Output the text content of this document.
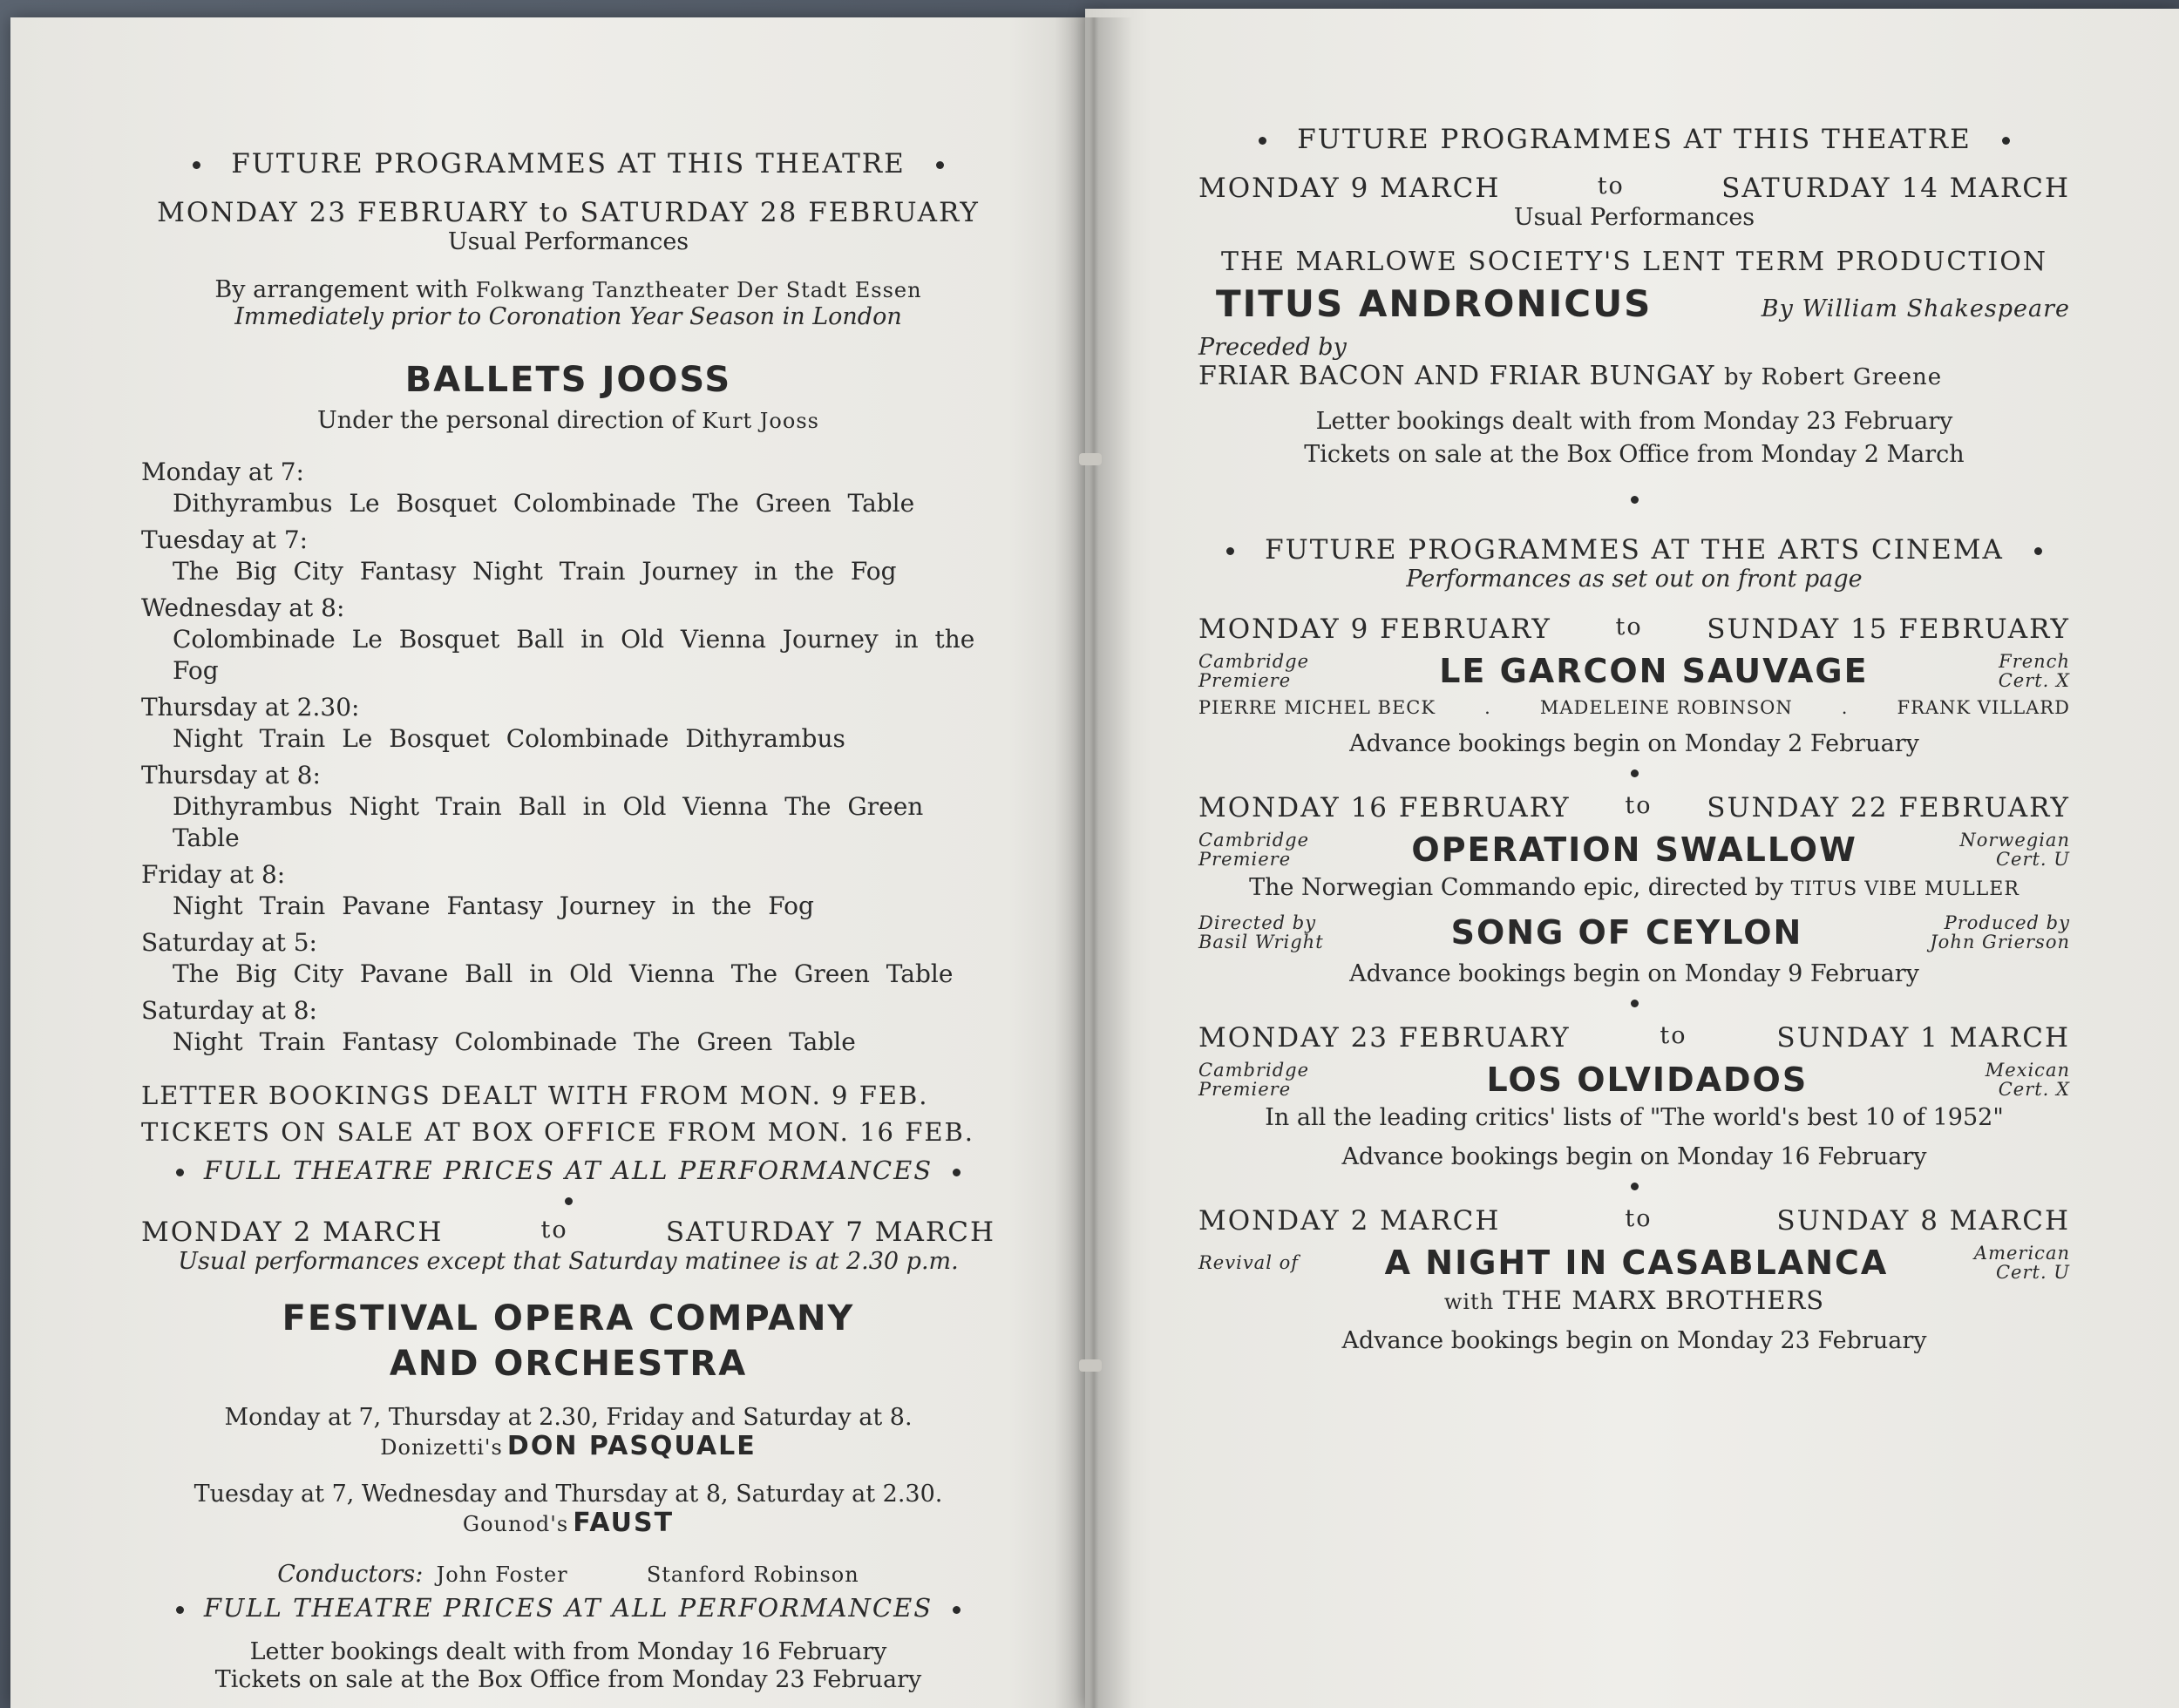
FUTURE PROGRAMMES AT THIS THEATRE
MONDAY 23 FEBRUARY to SATURDAY 28 FEBRUARY
Usual Performances
By arrangement with Folkwang Tanztheater Der Stadt Essen
Immediately prior to Coronation Year Season in London
BALLETS JOOSS
Under the personal direction of Kurt Jooss
Monday at 7:
Dithyrambus Le Bosquet Colombinade The Green Table
Tuesday at 7:
The Big City Fantasy Night Train Journey in the Fog
Wednesday at 8:
Colombinade Le Bosquet Ball in Old Vienna Journey in the Fog
Thursday at 2.30:
Night Train Le Bosquet Colombinade Dithyrambus
Thursday at 8:
Dithyrambus Night Train Ball in Old Vienna The Green Table
Friday at 8:
Night Train Pavane Fantasy Journey in the Fog
Saturday at 5:
The Big City Pavane Ball in Old Vienna The Green Table
Saturday at 8:
Night Train Fantasy Colombinade The Green Table
LETTER BOOKINGS DEALT WITH FROM MON. 9 FEB.
TICKETS ON SALE AT BOX OFFICE FROM MON. 16 FEB.
FULL THEATRE PRICES AT ALL PERFORMANCES
MONDAY 2 MARCH	to	SATURDAY 7 MARCH
Usual performances except that Saturday matinee is at 2.30 p.m.
FESTIVAL OPERA COMPANY
AND ORCHESTRA
Monday at 7, Thursday at 2.30, Friday and Saturday at 8.
Donizetti's DON PASQUALE
Tuesday at 7, Wednesday and Thursday at 8, Saturday at 2.30.
Gounod's FAUST
Conductors: John Foster	Stanford Robinson
FULL THEATRE PRICES AT ALL PERFORMANCES
Letter bookings dealt with from Monday 16 February
Tickets on sale at the Box Office from Monday 23 February
FUTURE PROGRAMMES AT THIS THEATRE
MONDAY 9 MARCH	to	SATURDAY 14 MARCH
Usual Performances
THE MARLOWE SOCIETY'S LENT TERM PRODUCTION
TITUS ANDRONICUS	By William Shakespeare
Preceded by
FRIAR BACON AND FRIAR BUNGAY by Robert Greene
Letter bookings dealt with from Monday 23 February
Tickets on sale at the Box Office from Monday 2 March
FUTURE PROGRAMMES AT THE ARTS CINEMA
Performances as set out on front page
MONDAY 9 FEBRUARY	to SUNDAY 15 FEBRUARY
Cambridge
Premiere	LE GARCON SAUVAGE	French
Cert. X
PIERRE MICHEL BECK	.	MADELEINE ROBINSON	.	FRANK VILLARD
Advance bookings begin on Monday 2 February
MONDAY 16 FEBRUARY to SUNDAY 22 FEBRUARY
Cambridge
Premiere	OPERATION SWALLOW	Norwegian
Cert. U
The Norwegian Commando epic, directed by TITUS VIBE MULLER
Directed by
Basil Wright	SONG OF CEYLON	Produced by
John Grierson
Advance bookings begin on Monday 9 February
MONDAY 23 FEBRUARY	to	SUNDAY 1 MARCH
Cambridge
Premiere	LOS OLVIDADOS	Mexican
Cert. X
In all the leading critics' lists of "The world's best 10 of 1952"
Advance bookings begin on Monday 16 February
MONDAY 2 MARCH	to	SUNDAY 8 MARCH
Revival of	A NIGHT IN CASABLANCA	American
Cert. U
with THE MARX BROTHERS
Advance bookings begin on Monday 23 February
